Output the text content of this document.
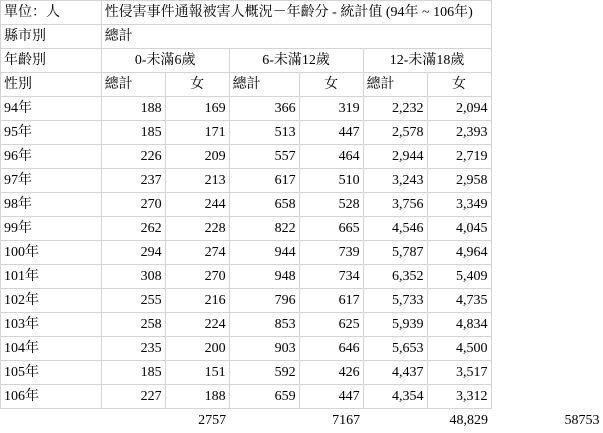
單位：人	性侵害事件通報被害人概況－年齡分 - 統計值 (94年 ~ 106年)						
縣市別	總計						
年齡別	0-未滿6歲		6-未滿12歲		12-未滿18歲		
性別	總計	女	總計	女	總計	女	
94年	188	169	366	319	2,232	2,094	
95年	185	171	513	447	2,578	2,393	
96年	226	209	557	464	2,944	2,719	
97年	237	213	617	510	3,243	2,958	
98年	270	244	658	528	3,756	3,349	
99年	262	228	822	665	4,546	4,045	
100年	294	274	944	739	5,787	4,964	
101年	308	270	948	734	6,352	5,409	
102年	255	216	796	617	5,733	4,735	
103年	258	224	853	625	5,939	4,834	
104年	235	200	903	646	5,653	4,500	
105年	185	151	592	426	4,437	3,517	
106年	227	188	659	447	4,354	3,312	
		2757		7167		48,829	58753
